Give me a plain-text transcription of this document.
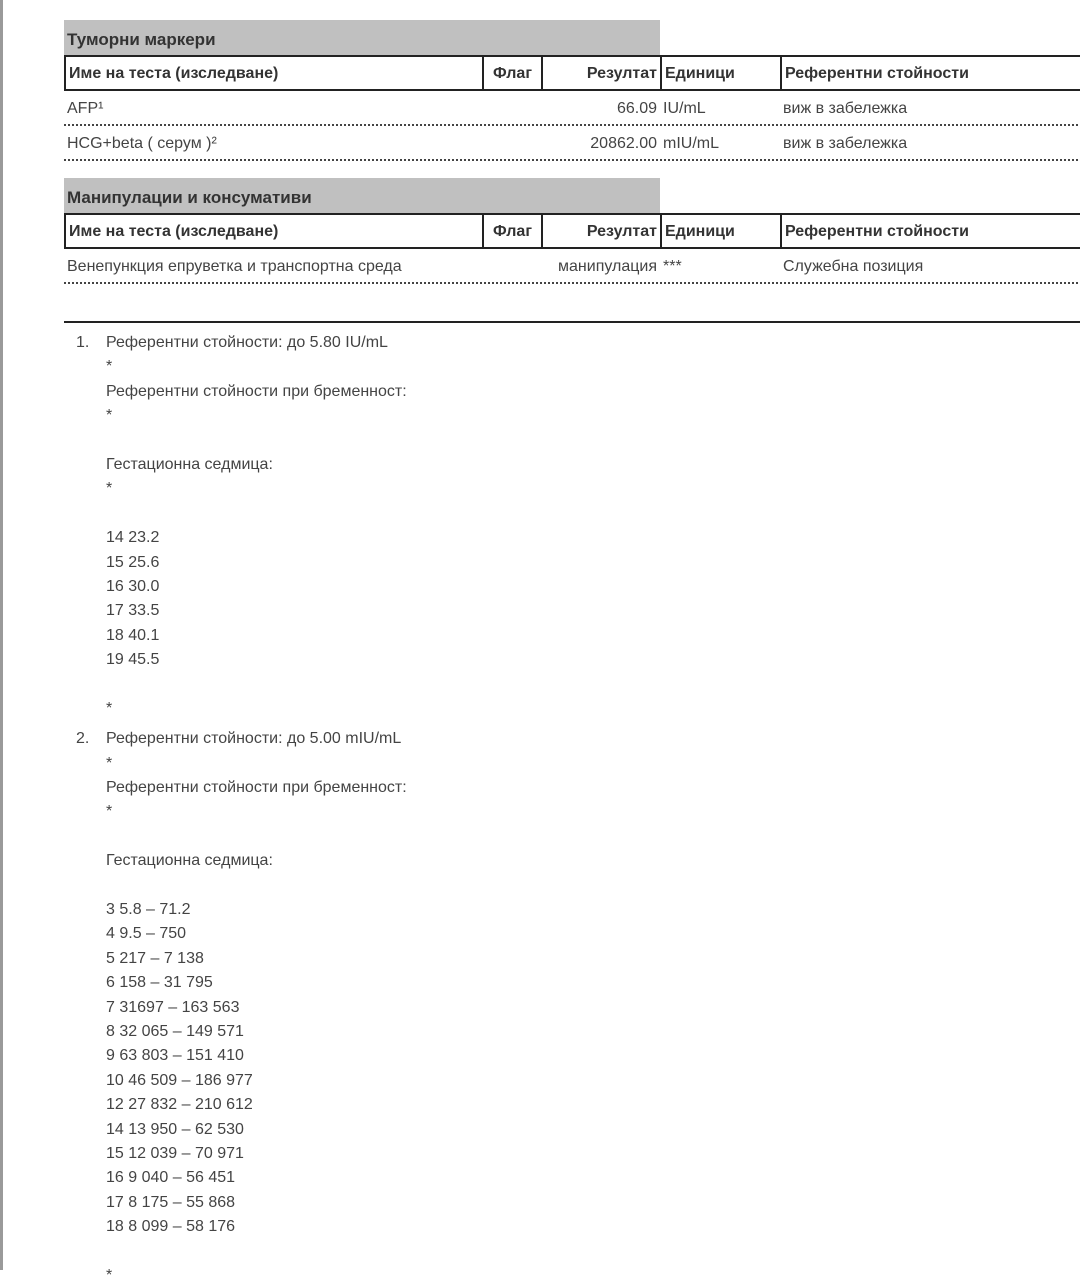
Туморни маркери
Име на теста (изследване)	Флаг	Резултат Единици	Референтни стойности
AFP¹	66.09 IU/mL	виж в забележка
HCG+beta ( серум )²	20862.00 mIU/mL	виж в забележка
Манипулации и консумативи
Име на теста (изследване)	Флаг	Резултат Единици	Референтни стойности
Венепункция епруветка и транспортна среда	манипулация ***	Служебна позиция
1.	Референтни стойности: до 5.80 IU/mL
*
Референтни стойности при бременност:
*
Гестационна седмица:
*
14 23.2
15 25.6
16 30.0
17 33.5
18 40.1
19 45.5
*
2.	Референтни стойности: до 5.00 mIU/mL
*
Референтни стойности при бременност:
*
Гестационна седмица:
3 5.8 – 71.2
4 9.5 – 750
5 217 – 7 138
6 158 – 31 795
7 31697 – 163 563
8 32 065 – 149 571
9 63 803 – 151 410
10 46 509 – 186 977
12 27 832 – 210 612
14 13 950 – 62 530
15 12 039 – 70 971
16 9 040 – 56 451
17 8 175 – 55 868
18 8 099 – 58 176
*
